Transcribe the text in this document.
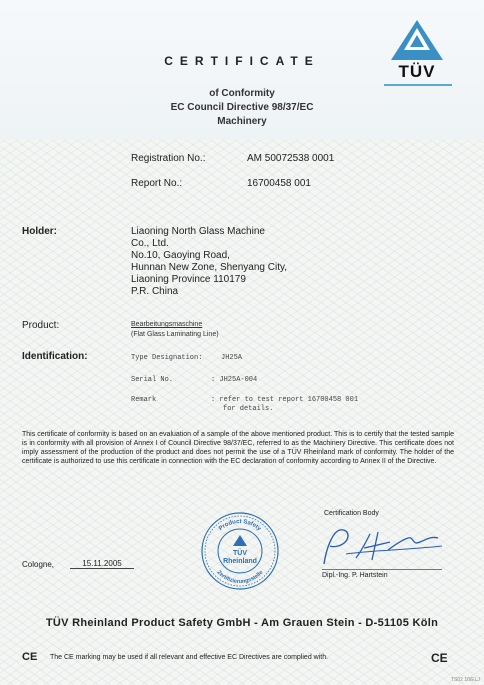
CERTIFICATE
of Conformity
EC Council Directive 98/37/EC
Machinery
TÜV
Registration No.:	AM 50072538 0001
Report No.:	16700458 001
Holder:	Liaoning North Glass Machine
Co., Ltd.
No.10, Gaoying Road,
Hunnan New Zone, Shenyang City,
Liaoning Province 110179
P.R. China
Product:	Bearbeitungsmaschine
(Flat Glass Laminating Line)
Identification:	Type Designation:	JH25A
Serial No.	: JH25A-004
Remark	: refer to test report 16700458 001
for details.
This certificate of conformity is based on an evaluation of a sample of the above mentioned product. This is to certify that the tested sample is in conformity with all provision of Annex I of Council Directive 98/37/EC, referred to as the Machinery Directive. This certificate does not imply assessment of the production of the product and does not permit the use of a TÜV Rheinland mark of conformity. The holder of the certificate is authorized to use this certificate in connection with the EC declaration of conformity according to Annex II of the Directive.
Product Safety
Zertifizierungsstelle
TÜV
Rheinland
Certification Body
Dipl.-Ing. P. Hartstein
Cologne,	15.11.2005
TÜV Rheinland Product Safety GmbH - Am Grauen Stein - D-51105 Köln
CE The CE marking may be used if all relevant and effective EC Directives are complied with.	CE
TS02 10/ELJ
